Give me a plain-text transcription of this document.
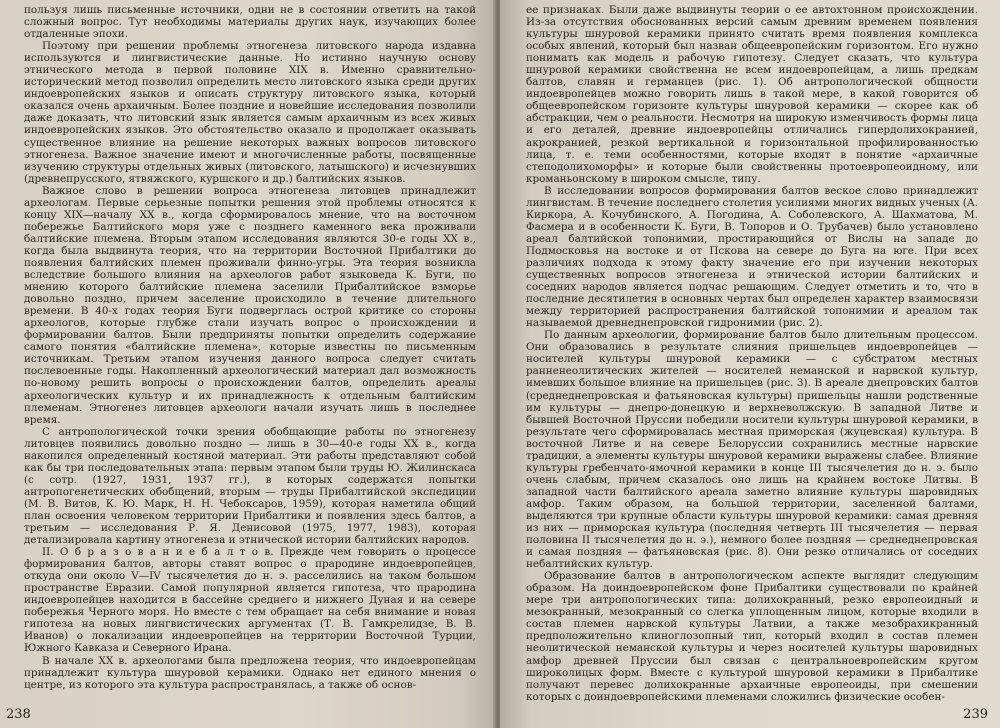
пользуя лишь письменные источники, одни не в состоянии ответить на такой сложный вопрос. Тут необходимы материалы других наук, изучающих более отдаленные эпохи.

Поэтому при решении проблемы этногенеза литовского народа издавна используются и лингвистические данные. Но истинно научную основу этнического метода в первой половине XIX в. Именно сравнительно-исторический метод позволил определить место литовского языка среди других индоевропейских языков и описать структуру литовского языка, который оказался очень архаичным. Более поздние и новейшие исследования позволили даже доказать, что литовский язык является самым архаичным из всех живых индоевропейских языков. Это обстоятельство оказало и продолжает оказывать существенное влияние на решение некоторых важных вопросов литовского этногенеза. Важное значение имеют и многочисленные работы, посвященные изучению структуры отдельных живых (литовского, латышского) и исчезнувших (древнепрусского, ятвяжского, куршского и др.) балтийских языков.

Важное слово в решении вопроса этногенеза литовцев принадлежит археологам. Первые серьезные попытки решения этой проблемы относятся к концу XIX—началу XX в., когда сформировалось мнение, что на восточном побережье Балтийского моря уже с позднего каменного века проживали балтийские племена. Вторым этапом исследования являются 30-е годы XX в., когда была выдвинута теория, что на территории Восточной Прибалтики до появления балтийских племен проживали финно-угры. Эта теория возникла вследствие большого влияния на археологов работ языковеда К. Буги, по мнению которого балтийские племена заселили Прибалтийское взморье довольно поздно, причем заселение происходило в течение длительного времени. В 40-х годах теория Буги подверглась острой критике со стороны археологов, которые глубже стали изучать вопрос о происхождении и формировании балтов. Были предприняты попытки определить содержание самого понятия «балтийские племена», которые известны по письменным источникам. Третьим этапом изучения данного вопроса следует считать послевоенные годы. Накопленный археологический материал дал возможность по-новому решить вопросы о происхождении балтов, определить ареалы археологических культур и их принадлежность к отдельным балтийским племенам. Этногенез литовцев археологи начали изучать лишь в последнее время.

С антропологической точки зрения обобщающие работы по этногенезу литовцев появились довольно поздно — лишь в 30—40-е годы XX в., когда накопился определенный костяной материал. Эти работы представляют собой как бы три последовательных этапа: первым этапом были труды Ю. Жилинскаса (с сотр. (1927, 1931, 1937 гг.), в которых содержатся попытки антропогенетических обобщений, вторым — труды Прибалтийской экспедиции (М. В. Витов, К. Ю. Марк, Н. Н. Чебоксаров, 1959), которая наметила общий план освоения человеком территории Прибалтики и появления здесь балтов, а третьим — исследования Р. Я. Денисовой (1975, 1977, 1983), которая детализировала картину этногенеза и этнической истории балтийских народов.

II. О б р а з о в а н и е б а л т о в. Прежде чем говорить о процессе формирования балтов, авторы ставят вопрос о прародине индоевропейцев, откуда они около V—IV тысячелетия до н. э. расселились на таком большом пространстве Евразии. Самой популярной является гипотеза, что прародина индоевропейцев находится в бассейне среднего и нижнего Дуная и на севере побережья Черного моря. Но вместе с тем обращает на себя внимание и новая гипотеза на новых лингвистических аргументах (Т. В. Гамкрелидзе, В. В. Иванов) о локализации индоевропейцев на территории Восточной Турции, Южного Кавказа и Северного Ирана.

В начале XX в. археологами была предложена теория, что индоевропейцам принадлежит культура шнуровой керамики. Однако нет единого мнения о центре, из которого эта культура распространялась, а также об основ-

238

ее признаках. Были даже выдвинуты теории о ее автохтонном происхождении. Из-за отсутствия обоснованных версий самым древним временем появления культуры шнуровой керамики принято считать время появления комплекса особых явлений, который был назван общеевропейским горизонтом. Его нужно понимать как модель и рабочую гипотезу. Следует сказать, что культура шнуровой керамики свойственна не всем индоевропейцам, а лишь предкам балтов, славян и германцев (рис. 1). Об антропологической общности индоевропейцев можно говорить лишь в такой мере, в какой говорится об общеевропейском горизонте культуры шнуровой керамики — скорее как об абстракции, чем о реальности. Несмотря на широкую изменчивость формы лица и его деталей, древние индоевропейцы отличались гипердолихокранией, акрокранией, резкой вертикальной и горизонтальной профилированностью лица, т. е. теми особенностями, которые входят в понятие «архаичные степодолихоморфы» и которые были свойственны протоевропеоидному, или кроманьонскому в широком смысле, типу.

В исследовании вопросов формирования балтов веское слово принадлежит лингвистам. В течение последнего столетия усилиями многих видных ученых (А. Киркора, А. Кочубинского, А. Погодина, А. Соболевского, А. Шахматова, М. Фасмера и в особенности К. Буги, В. Топоров и О. Трубачев) было установлено ареал балтийской топонимии, простирающийся от Вислы на западе до Подмосковья на востоке и от Пскова на севере до Буга на юге. При всех различиях подхода к этому факту значение его при изучении некоторых существенных вопросов этногенеза и этнической истории балтийских и соседних народов является подчас решающим. Следует отметить и то, что в последние десятилетия в основных чертах был определен характер взаимосвязи между территорией распространения балтийской топонимии и ареалом так называемой древнеднепровской гидронимии (рис. 2).

По данным археологии, формирование балтов было длительным процессом. Они образовались в результате слияния пришельцев индоевропейцев — носителей культуры шнуровой керамики — с субстратом местных ранненеолитических жителей — носителей неманской и нарвской культур, имевших большое влияние на пришельцев (рис. 3). В ареале днепровских балтов (среднеднепровская и фатьяновская культуры) пришельцы нашли родственные им культуры — днепро-донецкую и верхневолжскую. В западной Литве и бывшей Восточной Пруссии победили носители культуры шнуровой керамики, в результате чего сформировалась местная приморская (жуцевская) культура. В восточной Литве и на севере Белоруссии сохранились местные нарвские традиции, а элементы культуры шнуровой керамики выражены слабее. Влияние культуры гребенчато-ямочной керамики в конце III тысячелетия до н. э. было очень слабым, причем сказалось оно лишь на крайнем востоке Литвы. В западной части балтийского ареала заметно влияние культуры шаровидных амфор. Таким образом, на большой территории, заселенной балтами, выделяются три крупные области культуры шнуровой керамики: самая древняя из них — приморская культура (последняя четверть III тысячелетия — первая половина II тысячелетия до н. э.), немного более поздняя — среднеднепровская и самая поздняя — фатьяновская (рис. 8). Они резко отличались от соседних небалтийских культур.

Образование балтов в антропологическом аспекте выглядит следующим образом. На доиндоевропейском фоне Прибалтики существовали по крайней мере три антропологических типа: долихокранный, резко европеоидный и мезокранный, мезокранный со слегка уплощенным лицом, которые входили в состав племен нарвской культуры Латвии, а также мезобрахикранный предположительно клиноглозопный тип, который входил в состав племен неолитической неманской культуры и через носителей культуры шаровидных амфор древней Пруссии был связан с центральноевропейским кругом широколицых форм. Вместе с культурой шнуровой керамики в Прибалтике получают перевес долихокранные архаичные европеоиды, при смешении которых с доиндоевропейскими племенами сложились физические особен-

239
